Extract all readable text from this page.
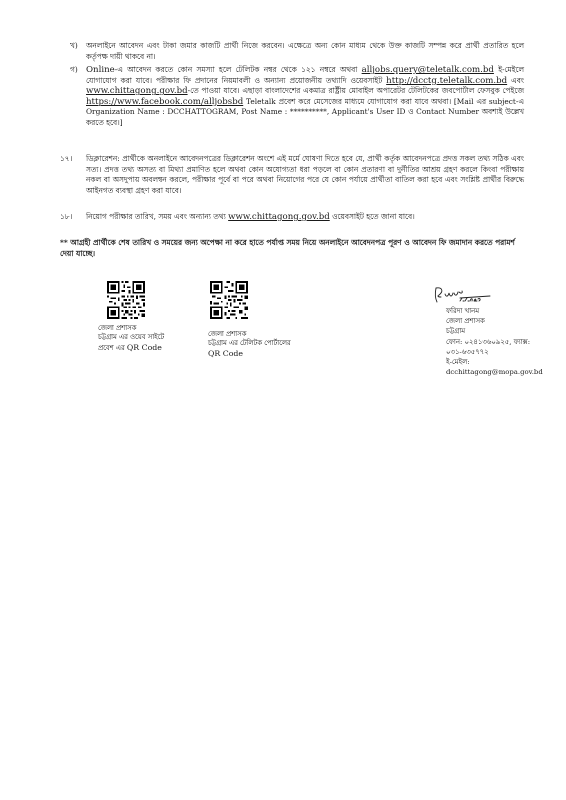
খ) অনলাইনে আবেদন এবং টাকা জমার কাজটি প্রার্থী নিজে করবেন। এক্ষেত্রে অন্য কোন মাধ্যম থেকে উক্ত কাজটি সম্পন্ন করে প্রার্থী প্রতারিত হলে কর্তৃপক্ষ দায়ী থাকবে না।
গ) Online-এ আবেদন করতে কোন সমস্যা হলে টেলিটক নম্বর থেকে ১২১ নম্বরে অথবা alljobs.query@teletalk.com.bd ই-মেইলে যোগাযোগ করা যাবে। পরীক্ষার ফি প্রদানের নিয়মাবলী ও অন্যান্য প্রয়োজনীয় তথ্যাদি ওয়েবসাইট http://dcctg.teletalk.com.bd এবং www.chittagong.gov.bd-তে পাওয়া যাবে। এছাড়া বাংলাদেশের একমাত্র রাষ্ট্রীয় মোবাইল অপারেটর টেলিটকের জবপোর্টাল ফেসবুক পেইজে https://www.facebook.com/alljobsbd Teletalk প্রবেশ করে মেসেজের মাধ্যমে যোগাযোগ করা যাবে অথবা। [Mail এর subject-এ Organization Name : DCCHATTOGRAM, Post Name : **********, Applicant's User ID ও Contact Number অবশ্যই উল্লেখ করতে হবে।]
১৭। ডিক্লারেশন: প্রার্থীকে অনলাইনে আবেদনপত্রের ডিক্লারেশন অংশে এই মর্মে ঘোষণা দিতে হবে যে, প্রার্থী কর্তৃক আবেদনপত্রে প্রদত্ত সকল তথ্য সঠিক এবং সত্য। প্রদত্ত তথ্য অসত্য বা মিথ্যা প্রমাণিত হলে অথবা কোন অযোগ্যতা ধরা পড়লে বা কোন প্রতারণা বা দুর্নীতির আশ্রয় গ্রহণ করলে কিংবা পরীক্ষায় নকল বা অসদুপায় অবলম্বন করলে, পরীক্ষার পূর্বে বা পরে অথবা নিয়োগের পরে যে কোন পর্যায়ে প্রার্থীতা বাতিল করা হবে এবং সংশ্লিষ্ট প্রার্থীর বিরুদ্ধে আইনগত ব্যবস্থা গ্রহণ করা যাবে।
১৮। নিয়োগ পরীক্ষার তারিখ, সময় এবং অন্যান্য তথ্য www.chittagong.gov.bd ওয়েবসাইট হতে জানা যাবে।
** আগ্রহী প্রার্থীকে শেষ তারিখ ও সময়ের জন্য অপেক্ষা না করে হাতে পর্যাপ্ত সময় নিয়ে অনলাইনে আবেদনপত্র পূরণ ও আবেদন ফি জমাদান করতে পরামর্শ দেয়া যাচ্ছে।
জেলা প্রশাসক
চট্টগ্রাম এর ওয়েব সাইটে
প্রবেশ এর QR Code
জেলা প্রশাসক
চট্টগ্রাম এর টেলিটক পোর্টালের
QR Code
ফরিদা খানম
জেলা প্রশাসক
চট্টগ্রাম
ফোন: ০২৪১৩৬০৯২৫, ফ্যাক্স: ০৩১-৬৩৫৭৭২
ই-মেইল: dcchittagong@mopa.gov.bd
